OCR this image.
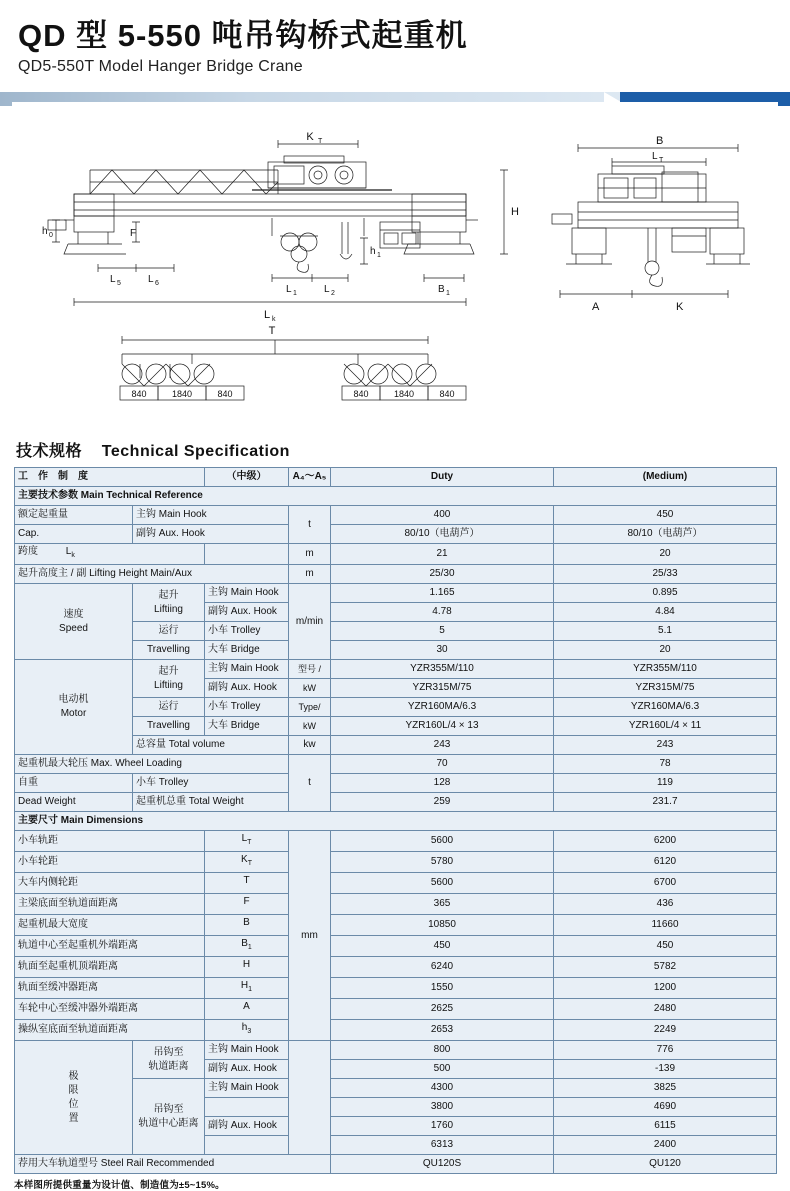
QD 型 5-550 吨吊钩桥式起重机
QD5-550T Model Hanger Bridge Crane
K T
H
h 0
L 5	L 6
F
h 1
L 1	L 2	B 1
L k
T
B
L T
A	K
840	1840	840	840	1840	840
技术规格 Technical Specification
工　作　制　度		（中级）	A₄～A₅	Duty	(Medium)
主要技术参数 Main Technical Reference					
额定起重量	主钩 Main Hook		t	400	450
Cap.	副钩 Aux. Hook			80/10（电葫芦）	80/10（电葫芦）
跨度 $L_k$			m	21	20
起升高度主 / 副 Lifting Height Main/Aux			m	25/30	25/33

速度
Speed

起升
Liftiing
	主钩 Main Hook	m/min	1.165	0.895
		副钩 Aux. Hook		4.78	4.84
	运行	小车 Trolley		5	5.1
	Travelling	大车 Bridge		30	20

电动机
Motor

起升
Liftiing
	主钩 Main Hook	型号 /	YZR355M/110	YZR355M/110
		副钩 Aux. Hook	kW	YZR315M/75	YZR315M/75
	运行	小车 Trolley	Type/	YZR160MA/6.3	YZR160MA/6.3
	Travelling	大车 Bridge	kW	YZR160L/4 × 13	YZR160L/4 × 11
	总容量 Total volume		kw	243	243
起重机最大轮压 Max. Wheel Loading			t	70	78
自重	小车 Trolley			128	119
Dead Weight	起重机总重 Total Weight			259	231.7
主要尺寸 Main Dimensions					
小车轨距		$L_T$	mm	5600	6200
小车轮距		$K_T$		5780	6120
大车内侧轮距		T		5600	6700
主梁底面至轨道面距离		F		365	436
起重机最大宽度		B		10850	11660
轨道中心至起重机外端距离		$B_1$		450	450
轨面至起重机顶端距离		H		6240	5782
轨面至缓冲器距离		$H_1$		1550	1200
车轮中心至缓冲器外端距离		A		2625	2480
操纵室底面至轨道面距离		$h_3$		2653	2249

极
限
位
置

吊钩至
轨道距离
	主钩 Main Hook		800	776
		副钩 Aux. Hook		500	-139

	吊钩至
轨道中心距离	主钩 Main Hook		4300	3825
				3800	4690
		副钩 Aux. Hook		1760	6115
				6313	2400
荐用大车轨道型号 Steel Rail Recommended				QU120S	QU120
本样图所提供重量为设计值、制造值为±5~15%。
